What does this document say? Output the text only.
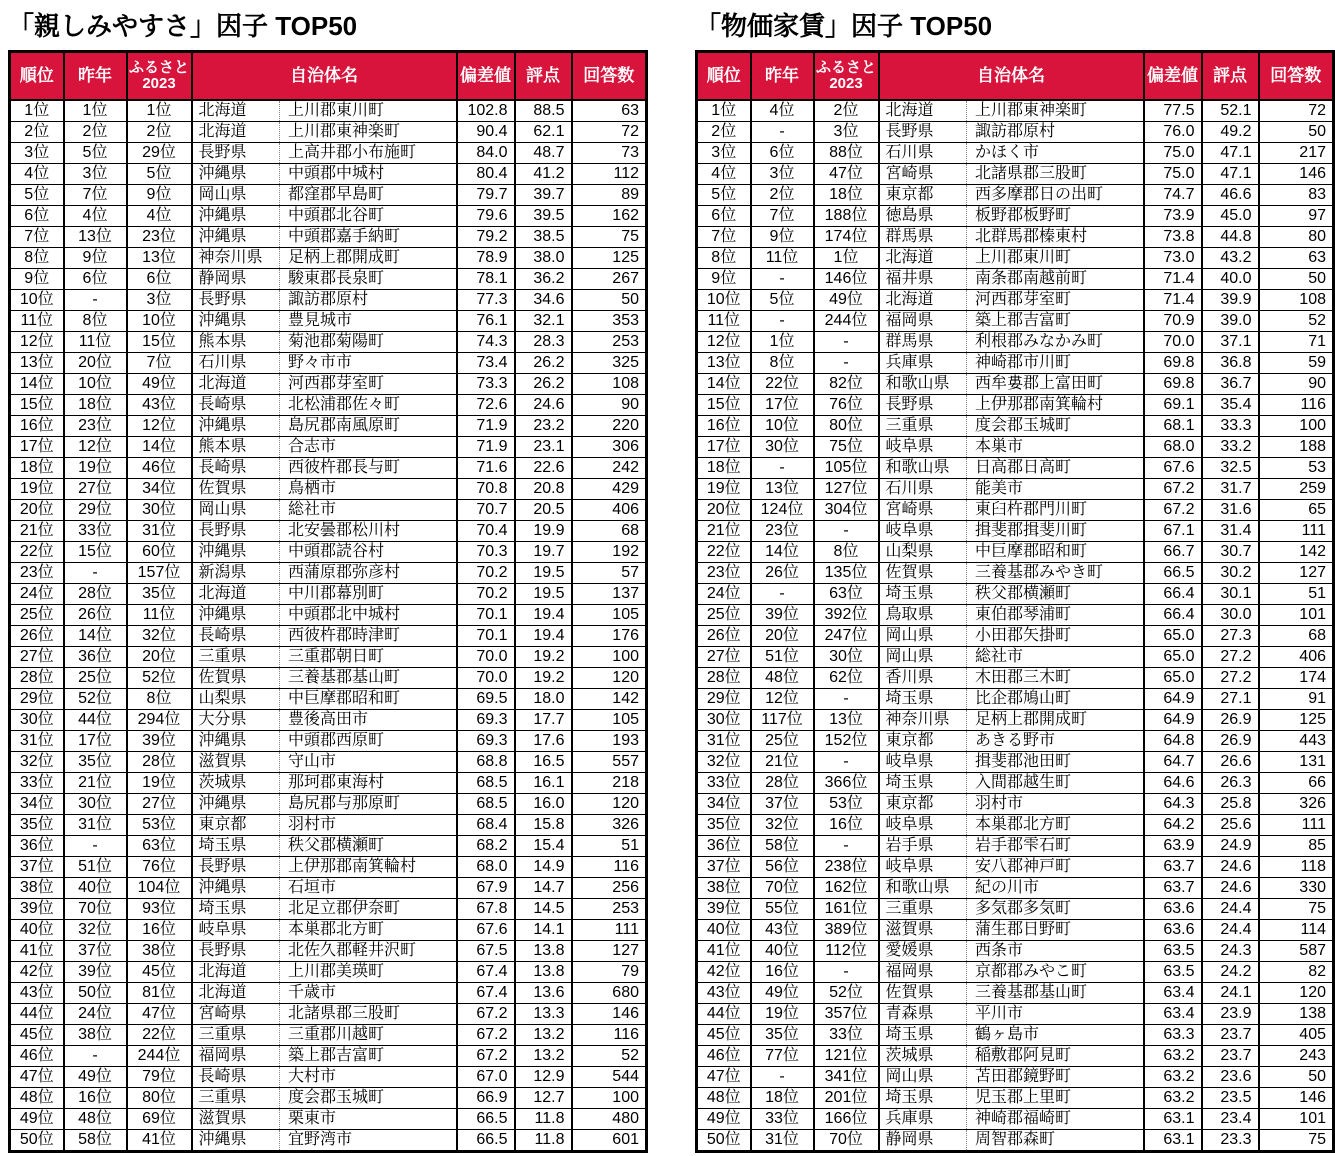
「親しみやすさ」因子 TOP50
順位	昨年	ふるさと
2023	自治体名		偏差値	評点	回答数
1位	1位	1位	北海道	上川郡東川町	102.8	88.5	63
2位	2位	2位	北海道	上川郡東神楽町	90.4	62.1	72
3位	5位	29位	長野県	上高井郡小布施町	84.0	48.7	73
4位	3位	5位	沖縄県	中頭郡中城村	80.4	41.2	112
5位	7位	9位	岡山県	都窪郡早島町	79.7	39.7	89
6位	4位	4位	沖縄県	中頭郡北谷町	79.6	39.5	162
7位	13位	23位	沖縄県	中頭郡嘉手納町	79.2	38.5	75
8位	9位	13位	神奈川県	足柄上郡開成町	78.9	38.0	125
9位	6位	6位	静岡県	駿東郡長泉町	78.1	36.2	267
10位	-	3位	長野県	諏訪郡原村	77.3	34.6	50
11位	8位	10位	沖縄県	豊見城市	76.1	32.1	353
12位	11位	15位	熊本県	菊池郡菊陽町	74.3	28.3	253
13位	20位	7位	石川県	野々市市	73.4	26.2	325
14位	10位	49位	北海道	河西郡芽室町	73.3	26.2	108
15位	18位	43位	長崎県	北松浦郡佐々町	72.6	24.6	90
16位	23位	12位	沖縄県	島尻郡南風原町	71.9	23.2	220
17位	12位	14位	熊本県	合志市	71.9	23.1	306
18位	19位	46位	長崎県	西彼杵郡長与町	71.6	22.6	242
19位	27位	34位	佐賀県	鳥栖市	70.8	20.8	429
20位	29位	30位	岡山県	総社市	70.7	20.5	406
21位	33位	31位	長野県	北安曇郡松川村	70.4	19.9	68
22位	15位	60位	沖縄県	中頭郡読谷村	70.3	19.7	192
23位	-	157位	新潟県	西蒲原郡弥彦村	70.2	19.5	57
24位	28位	35位	北海道	中川郡幕別町	70.2	19.5	137
25位	26位	11位	沖縄県	中頭郡北中城村	70.1	19.4	105
26位	14位	32位	長崎県	西彼杵郡時津町	70.1	19.4	176
27位	36位	20位	三重県	三重郡朝日町	70.0	19.2	100
28位	25位	52位	佐賀県	三養基郡基山町	70.0	19.2	120
29位	52位	8位	山梨県	中巨摩郡昭和町	69.5	18.0	142
30位	44位	294位	大分県	豊後高田市	69.3	17.7	105
31位	17位	39位	沖縄県	中頭郡西原町	69.3	17.6	193
32位	35位	28位	滋賀県	守山市	68.8	16.5	557
33位	21位	19位	茨城県	那珂郡東海村	68.5	16.1	218
34位	30位	27位	沖縄県	島尻郡与那原町	68.5	16.0	120
35位	31位	53位	東京都	羽村市	68.4	15.8	326
36位	-	63位	埼玉県	秩父郡横瀬町	68.2	15.4	51
37位	51位	76位	長野県	上伊那郡南箕輪村	68.0	14.9	116
38位	40位	104位	沖縄県	石垣市	67.9	14.7	256
39位	70位	93位	埼玉県	北足立郡伊奈町	67.8	14.5	253
40位	32位	16位	岐阜県	本巣郡北方町	67.6	14.1	111
41位	37位	38位	長野県	北佐久郡軽井沢町	67.5	13.8	127
42位	39位	45位	北海道	上川郡美瑛町	67.4	13.8	79
43位	50位	81位	北海道	千歳市	67.4	13.6	680
44位	24位	47位	宮崎県	北諸県郡三股町	67.2	13.3	146
45位	38位	22位	三重県	三重郡川越町	67.2	13.2	116
46位	-	244位	福岡県	築上郡吉富町	67.2	13.2	52
47位	49位	79位	長崎県	大村市	67.0	12.9	544
48位	16位	80位	三重県	度会郡玉城町	66.9	12.7	100
49位	48位	69位	滋賀県	栗東市	66.5	11.8	480
50位	58位	41位	沖縄県	宜野湾市	66.5	11.8	601
「物価家賃」因子 TOP50
順位	昨年	ふるさと
2023	自治体名		偏差値	評点	回答数
1位	4位	2位	北海道	上川郡東神楽町	77.5	52.1	72
2位	-	3位	長野県	諏訪郡原村	76.0	49.2	50
3位	6位	88位	石川県	かほく市	75.0	47.1	217
4位	3位	47位	宮崎県	北諸県郡三股町	75.0	47.1	146
5位	2位	18位	東京都	西多摩郡日の出町	74.7	46.6	83
6位	7位	188位	徳島県	板野郡板野町	73.9	45.0	97
7位	9位	174位	群馬県	北群馬郡榛東村	73.8	44.8	80
8位	11位	1位	北海道	上川郡東川町	73.0	43.2	63
9位	-	146位	福井県	南条郡南越前町	71.4	40.0	50
10位	5位	49位	北海道	河西郡芽室町	71.4	39.9	108
11位	-	244位	福岡県	築上郡吉富町	70.9	39.0	52
12位	1位	-	群馬県	利根郡みなかみ町	70.0	37.1	71
13位	8位	-	兵庫県	神崎郡市川町	69.8	36.8	59
14位	22位	82位	和歌山県	西牟婁郡上富田町	69.8	36.7	90
15位	17位	76位	長野県	上伊那郡南箕輪村	69.1	35.4	116
16位	10位	80位	三重県	度会郡玉城町	68.1	33.3	100
17位	30位	75位	岐阜県	本巣市	68.0	33.2	188
18位	-	105位	和歌山県	日高郡日高町	67.6	32.5	53
19位	13位	127位	石川県	能美市	67.2	31.7	259
20位	124位	304位	宮崎県	東臼杵郡門川町	67.2	31.6	65
21位	23位	-	岐阜県	揖斐郡揖斐川町	67.1	31.4	111
22位	14位	8位	山梨県	中巨摩郡昭和町	66.7	30.7	142
23位	26位	135位	佐賀県	三養基郡みやき町	66.5	30.2	127
24位	-	63位	埼玉県	秩父郡横瀬町	66.4	30.1	51
25位	39位	392位	鳥取県	東伯郡琴浦町	66.4	30.0	101
26位	20位	247位	岡山県	小田郡矢掛町	65.0	27.3	68
27位	51位	30位	岡山県	総社市	65.0	27.2	406
28位	48位	62位	香川県	木田郡三木町	65.0	27.2	174
29位	12位	-	埼玉県	比企郡鳩山町	64.9	27.1	91
30位	117位	13位	神奈川県	足柄上郡開成町	64.9	26.9	125
31位	25位	152位	東京都	あきる野市	64.8	26.9	443
32位	21位	-	岐阜県	揖斐郡池田町	64.7	26.6	131
33位	28位	366位	埼玉県	入間郡越生町	64.6	26.3	66
34位	37位	53位	東京都	羽村市	64.3	25.8	326
35位	32位	16位	岐阜県	本巣郡北方町	64.2	25.6	111
36位	58位	-	岩手県	岩手郡雫石町	63.9	24.9	85
37位	56位	238位	岐阜県	安八郡神戸町	63.7	24.6	118
38位	70位	162位	和歌山県	紀の川市	63.7	24.6	330
39位	55位	161位	三重県	多気郡多気町	63.6	24.4	75
40位	43位	389位	滋賀県	蒲生郡日野町	63.6	24.4	114
41位	40位	112位	愛媛県	西条市	63.5	24.3	587
42位	16位	-	福岡県	京都郡みやこ町	63.5	24.2	82
43位	49位	52位	佐賀県	三養基郡基山町	63.4	24.1	120
44位	19位	357位	青森県	平川市	63.4	23.9	138
45位	35位	33位	埼玉県	鶴ヶ島市	63.3	23.7	405
46位	77位	121位	茨城県	稲敷郡阿見町	63.2	23.7	243
47位	-	341位	岡山県	苫田郡鏡野町	63.2	23.6	50
48位	18位	201位	埼玉県	児玉郡上里町	63.2	23.5	146
49位	33位	166位	兵庫県	神崎郡福崎町	63.1	23.4	101
50位	31位	70位	静岡県	周智郡森町	63.1	23.3	75
